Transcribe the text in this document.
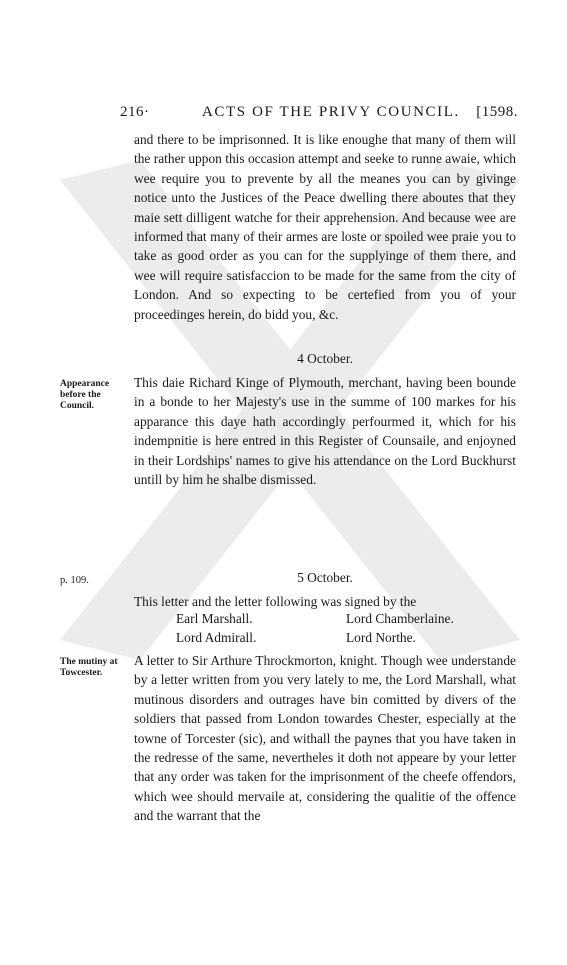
216·	ACTS OF THE PRIVY COUNCIL. [1598.

and there to be imprisonned. It is like enoughe that many of them will the rather uppon this occasion attempt and seeke to runne awaie, which wee require you to prevente by all the meanes you can by givinge notice unto the Justices of the Peace dwelling there aboutes that they maie sett dilligent watche for their apprehension. And because wee are informed that many of their armes are loste or spoiled wee praie you to take as good order as you can for the supplyinge of them there, and wee will require satisfaccion to be made for the same from the city of London. And so expecting to be certefied from you of your proceedinges herein, do bidd you, &c.

4 October.
Appearance before the Council.

This daie Richard Kinge of Plymouth, merchant, having been bounde in a bonde to her Majesty's use in the summe of 100 markes for his apparance this daye hath accordingly perfourmed it, which for his indempnitie is here entred in this Register of Counsaile, and enjoyned in their Lordships' names to give his attendance on the Lord Buckhurst untill by him he shalbe dismissed.

p. 109.	5 October.

This letter and the letter following was signed by the

Earl Marshall.	Lord Chamberlaine.
Lord Admirall.	Lord Northe.
The mutiny at Towcester.

A letter to Sir Arthure Throckmorton, knight. Though wee understande by a letter written from you very lately to me, the Lord Marshall, what mutinous disorders and outrages have bin comitted by divers of the soldiers that passed from London towardes Chester, especially at the towne of Torcester (sic), and withall the paynes that you have taken in the redresse of the same, nevertheles it doth not appeare by your letter that any order was taken for the imprisonment of the cheefe offendors, which wee should mervaile at, considering the qualitie of the offence and the warrant that the
